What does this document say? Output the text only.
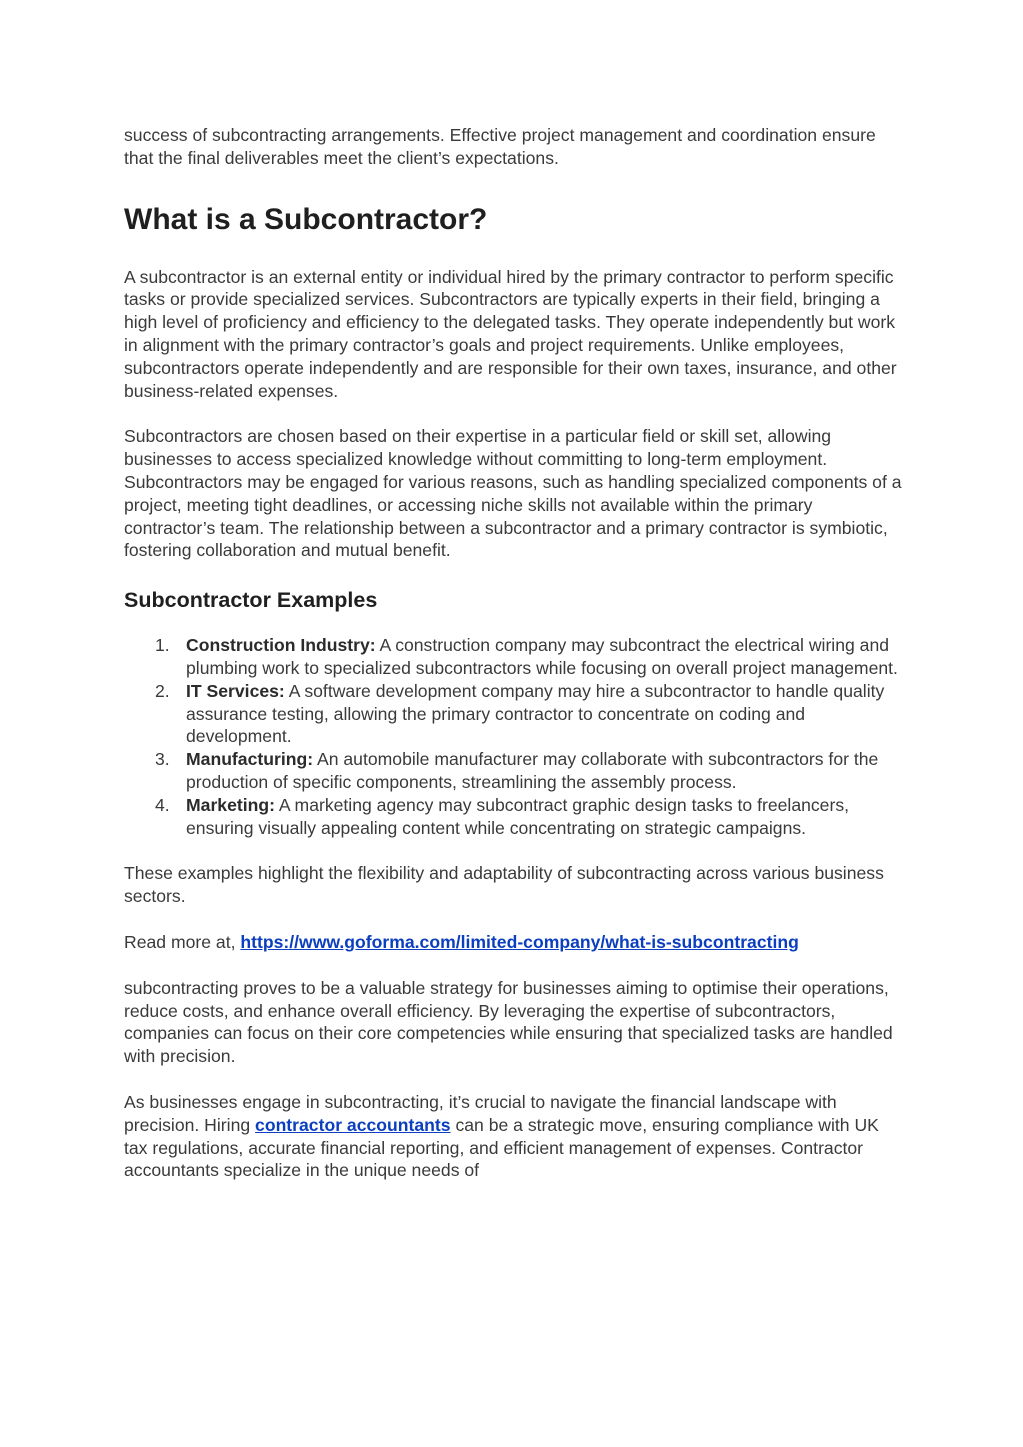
success of subcontracting arrangements. Effective project management and coordination ensure that the final deliverables meet the client’s expectations.

What is a Subcontractor?

A subcontractor is an external entity or individual hired by the primary contractor to perform specific tasks or provide specialized services. Subcontractors are typically experts in their field, bringing a high level of proficiency and efficiency to the delegated tasks. They operate independently but work in alignment with the primary contractor’s goals and project requirements. Unlike employees, subcontractors operate independently and are responsible for their own taxes, insurance, and other business-related expenses.

Subcontractors are chosen based on their expertise in a particular field or skill set, allowing businesses to access specialized knowledge without committing to long-term employment. Subcontractors may be engaged for various reasons, such as handling specialized components of a project, meeting tight deadlines, or accessing niche skills not available within the primary contractor’s team. The relationship between a subcontractor and a primary contractor is symbiotic, fostering collaboration and mutual benefit.

Subcontractor Examples
1. Construction Industry: A construction company may subcontract the electrical wiring and plumbing work to specialized subcontractors while focusing on overall project management.
2. IT Services: A software development company may hire a subcontractor to handle quality assurance testing, allowing the primary contractor to concentrate on coding and development.
3. Manufacturing: An automobile manufacturer may collaborate with subcontractors for the production of specific components, streamlining the assembly process.
4. Marketing: A marketing agency may subcontract graphic design tasks to freelancers, ensuring visually appealing content while concentrating on strategic campaigns.

These examples highlight the flexibility and adaptability of subcontracting across various business sectors.

Read more at, https://www.goforma.com/limited-company/what-is-subcontracting

subcontracting proves to be a valuable strategy for businesses aiming to optimise their operations, reduce costs, and enhance overall efficiency. By leveraging the expertise of subcontractors, companies can focus on their core competencies while ensuring that specialized tasks are handled with precision.

As businesses engage in subcontracting, it’s crucial to navigate the financial landscape with precision. Hiring contractor accountants can be a strategic move, ensuring compliance with UK tax regulations, accurate financial reporting, and efficient management of expenses. Contractor accountants specialize in the unique needs of
